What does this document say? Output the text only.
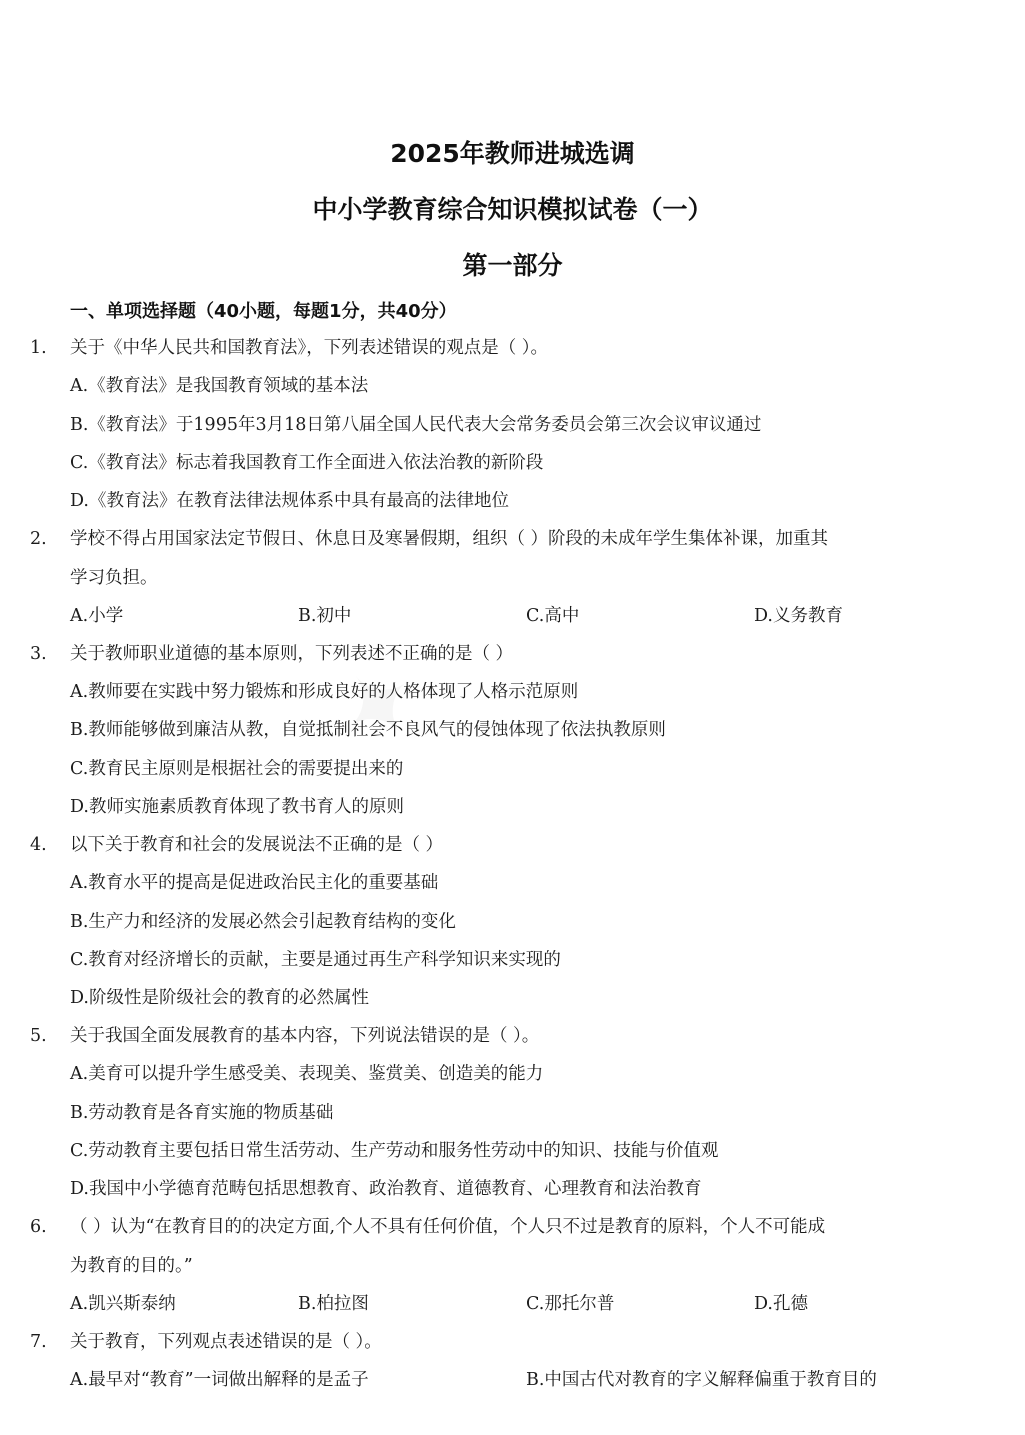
2025年教师进城选调
中小学教育综合知识模拟试卷（一）
第一部分
一、单项选择题（40小题，每题1分，共40分）
1. 关于《中华人民共和国教育法》，下列表述错误的观点是（ ）。
A.《教育法》是我国教育领域的基本法
B.《教育法》于1995年3月18日第八届全国人民代表大会常务委员会第三次会议审议通过
C.《教育法》标志着我国教育工作全面进入依法治教的新阶段
D.《教育法》在教育法律法规体系中具有最高的法律地位
2. 学校不得占用国家法定节假日、休息日及寒暑假期，组织（ ）阶段的未成年学生集体补课，加重其
学习负担。
A.小学	B.初中	C.高中	D.义务教育
3. 关于教师职业道德的基本原则，下列表述不正确的是（ ）
A.教师要在实践中努力锻炼和形成良好的人格体现了人格示范原则
B.教师能够做到廉洁从教，自觉抵制社会不良风气的侵蚀体现了依法执教原则
C.教育民主原则是根据社会的需要提出来的
D.教师实施素质教育体现了教书育人的原则
4. 以下关于教育和社会的发展说法不正确的是（ ）
A.教育水平的提高是促进政治民主化的重要基础
B.生产力和经济的发展必然会引起教育结构的变化
C.教育对经济增长的贡献，主要是通过再生产科学知识来实现的
D.阶级性是阶级社会的教育的必然属性
5. 关于我国全面发展教育的基本内容，下列说法错误的是（ ）。
A.美育可以提升学生感受美、表现美、鉴赏美、创造美的能力
B.劳动教育是各育实施的物质基础
C.劳动教育主要包括日常生活劳动、生产劳动和服务性劳动中的知识、技能与价值观
D.我国中小学德育范畴包括思想教育、政治教育、道德教育、心理教育和法治教育
6. （ ）认为“在教育目的的决定方面,个人不具有任何价值，个人只不过是教育的原料，个人不可能成
为教育的目的。”
A.凯兴斯泰纳	B.柏拉图	C.那托尔普	D.孔德
7. 关于教育，下列观点表述错误的是（ ）。
A.最早对“教育”一词做出解释的是孟子	B.中国古代对教育的字义解释偏重于教育目的
